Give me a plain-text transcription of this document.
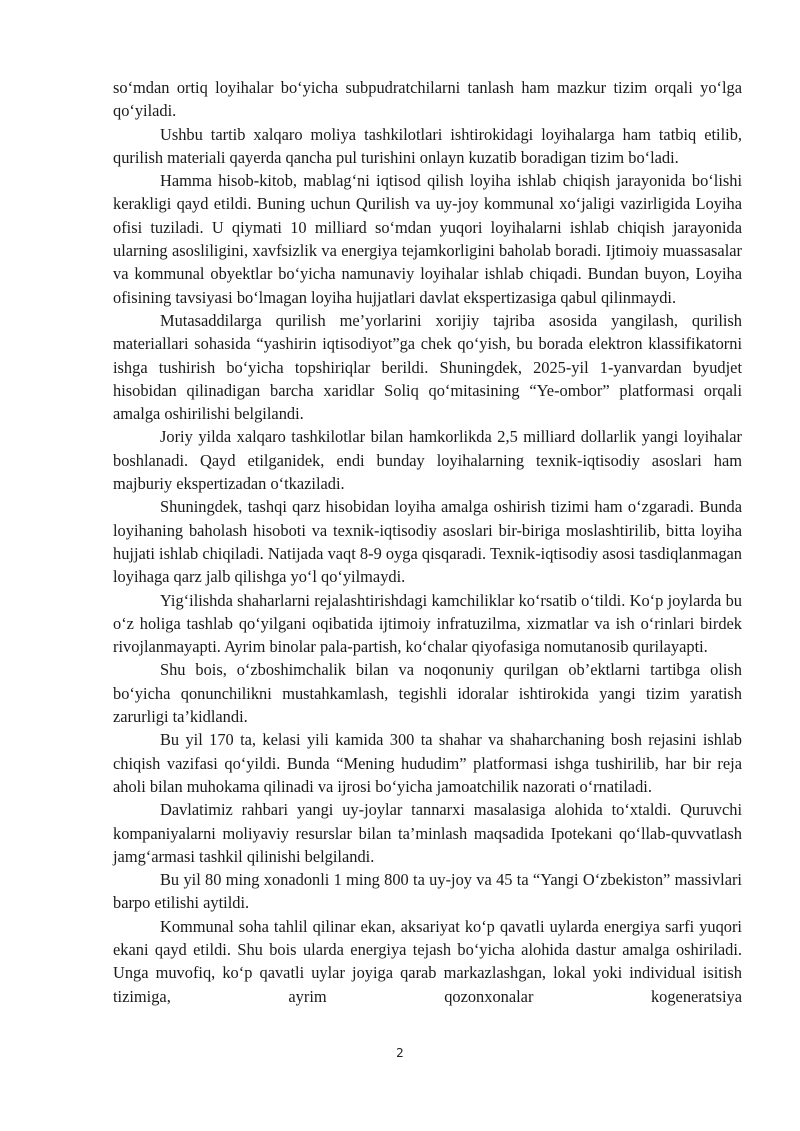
so‘mdan ortiq loyihalar bo‘yicha subpudratchilarni tanlash ham mazkur tizim orqali yo‘lga qo‘yiladi.

Ushbu tartib xalqaro moliya tashkilotlari ishtirokidagi loyihalarga ham tatbiq etilib, qurilish materiali qayerda qancha pul turishini onlayn kuzatib boradigan tizim bo‘ladi.

Hamma hisob-kitob, mablag‘ni iqtisod qilish loyiha ishlab chiqish jarayonida bo‘lishi kerakligi qayd etildi. Buning uchun Qurilish va uy-joy kommunal xo‘jaligi vazirligida Loyiha ofisi tuziladi. U qiymati 10 milliard so‘mdan yuqori loyihalarni ishlab chiqish jarayonida ularning asosliligini, xavfsizlik va energiya tejamkorligini baholab boradi. Ijtimoiy muassasalar va kommunal obyektlar bo‘yicha namunaviy loyihalar ishlab chiqadi. Bundan buyon, Loyiha ofisining tavsiyasi bo‘lmagan loyiha hujjatlari davlat ekspertizasiga qabul qilinmaydi.

Mutasaddilarga qurilish me’yorlarini xorijiy tajriba asosida yangilash, qurilish materiallari sohasida “yashirin iqtisodiyot”ga chek qo‘yish, bu borada elektron klassifikatorni ishga tushirish bo‘yicha topshiriqlar berildi. Shuningdek, 2025-yil 1-yanvardan byudjet hisobidan qilinadigan barcha xaridlar Soliq qo‘mitasining “Ye-ombor” platformasi orqali amalga oshirilishi belgilandi.

Joriy yilda xalqaro tashkilotlar bilan hamkorlikda 2,5 milliard dollarlik yangi loyihalar boshlanadi. Qayd etilganidek, endi bunday loyihalarning texnik-iqtisodiy asoslari ham majburiy ekspertizadan o‘tkaziladi.

Shuningdek, tashqi qarz hisobidan loyiha amalga oshirish tizimi ham o‘zgaradi. Bunda loyihaning baholash hisoboti va texnik-iqtisodiy asoslari bir-biriga moslashtirilib, bitta loyiha hujjati ishlab chiqiladi. Natijada vaqt 8-9 oyga qisqaradi. Texnik-iqtisodiy asosi tasdiqlanmagan loyihaga qarz jalb qilishga yo‘l qo‘yilmaydi.

Yig‘ilishda shaharlarni rejalashtirishdagi kamchiliklar ko‘rsatib o‘tildi. Ko‘p joylarda bu o‘z holiga tashlab qo‘yilgani oqibatida ijtimoiy infratuzilma, xizmatlar va ish o‘rinlari birdek rivojlanmayapti. Ayrim binolar pala-partish, ko‘chalar qiyofasiga nomutanosib qurilayapti.

Shu bois, o‘zboshimchalik bilan va noqonuniy qurilgan ob’ektlarni tartibga olish bo‘yicha qonunchilikni mustahkamlash, tegishli idoralar ishtirokida yangi tizim yaratish zarurligi ta’kidlandi.

Bu yil 170 ta, kelasi yili kamida 300 ta shahar va shaharchaning bosh rejasini ishlab chiqish vazifasi qo‘yildi. Bunda “Mening hududim” platformasi ishga tushirilib, har bir reja aholi bilan muhokama qilinadi va ijrosi bo‘yicha jamoatchilik nazorati o‘rnatiladi.

Davlatimiz rahbari yangi uy-joylar tannarxi masalasiga alohida to‘xtaldi. Quruvchi kompaniyalarni moliyaviy resurslar bilan ta’minlash maqsadida Ipotekani qo‘llab-quvvatlash jamg‘armasi tashkil qilinishi belgilandi.

Bu yil 80 ming xonadonli 1 ming 800 ta uy-joy va 45 ta “Yangi O‘zbekiston” massivlari barpo etilishi aytildi.

Kommunal soha tahlil qilinar ekan, aksariyat ko‘p qavatli uylarda energiya sarfi yuqori ekani qayd etildi. Shu bois ularda energiya tejash bo‘yicha alohida dastur amalga oshiriladi. Unga muvofiq, ko‘p qavatli uylar joyiga qarab markazlashgan, lokal yoki individual isitish tizimiga, ayrim qozonxonalar kogeneratsiya

2
